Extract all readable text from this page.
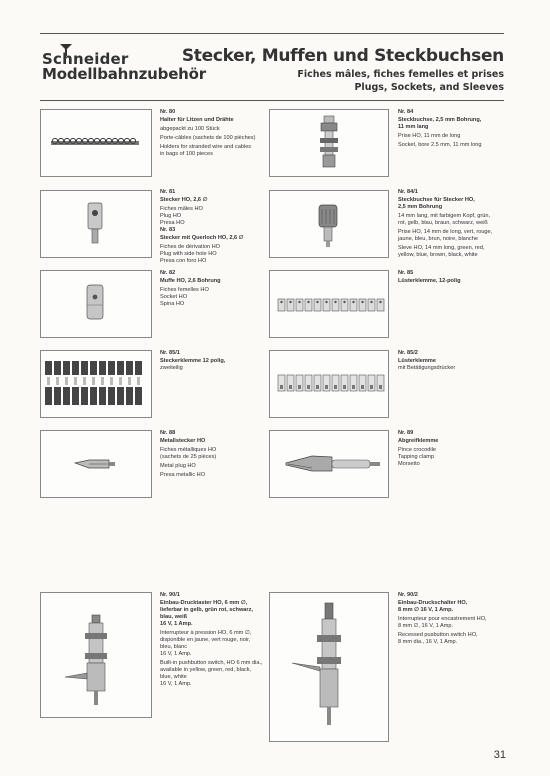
Schneider
Modellbahnzubehör
Stecker, Muffen und Steckbuchsen
Fiches mâles, fiches femelles et prises
Plugs, Sockets, and Sleeves
Nr. 80
Halter für Litzen und Drähte
abgepackt zu 100 Stück
Porte-câbles (sachets de 100 pièches)
Holders for stranded wire and cables
in bags of 100 pieces
Nr. 84
Steckbuchse, 2,5 mm Bohrung,
11 mm lang
Prise HO, 11 mm de long
Socket, bore 2.5 mm, 11 mm long
Nr. 81
Stecker HO, 2,6 ∅
Fiches mâles HO
Plug HO
Presa HO
Nr. 83
Stecker mit Querloch HO, 2,6 ∅
Fiches de dérivation HO
Plug with side hole HO
Presa con foro HO
Nr. 84/1
Steckbuchse für Stecker HO,
2,5 mm Bohrung
14 mm lang, mit farbigem Kopf, grün,
rot, gelb, blau, braun, schwarz, weiß
Prise HO, 14 mm de long, vert, rouge,
jaune, bleu, brun, noire, blanche
Sleve HO, 14 mm long, green, red,
yellow, blue, brown, black, white
Nr. 82
Muffe HO, 2,6 Bohrung
Fiches femelles HO
Socket HO
Spina HO
Nr. 85
Lüsterklemme, 12-polig
Nr. 85/1
Steckerklemme 12 polig,
zweiteilig
Nr. 85/2
Lüsterklemme
mit Betätigungsdrücker
Nr. 88
Metallstecker HO
Fiches métalliques HO
(sachets de 25 pièces)
Metal plug HO
Presa metallic HO
Nr. 89
Abgreifklemme
Pince crocodile
Tapping clamp
Morsetto
Nr. 90/1
Einbau-Drucktaster HO, 6 mm ∅,
lieferbar in gelb, grün rot, schwarz,
blau, weiß
16 V, 1 Amp.
Interrupteur à pression HO, 6 mm ∅,
disponible en jaune, vert rouge, noir,
bleu, blanc
16 V, 1 Amp.
Built-in pushbutton switch, HO 6 mm dia.,
available in yellow, green, red, black,
blue, white
16 V, 1 Amp.
Nr. 90/2
Einbau-Druckschalter HO,
8 mm ∅ 16 V, 1 Amp.
Interrupteur pour encastrement HO,
8 mm ∅, 16 V, 1 Amp.
Recessed pusbutton switch HO,
8 mm dia., 16 V, 1 Amp.
31
